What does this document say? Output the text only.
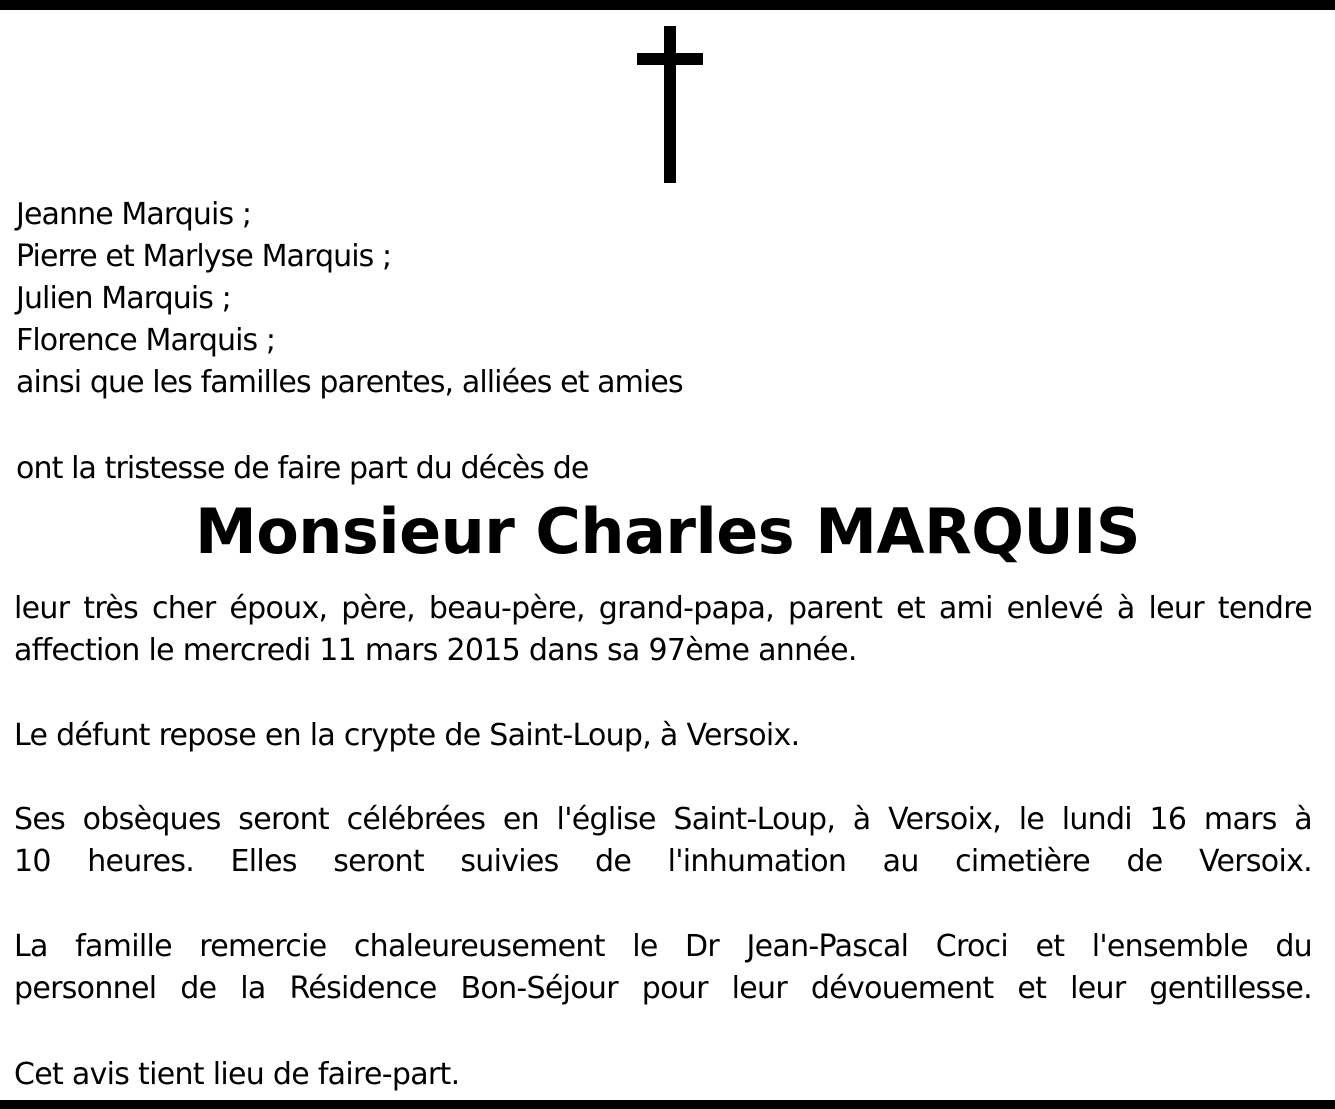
Jeanne Marquis ;
Pierre et Marlyse Marquis ;
Julien Marquis ;
Florence Marquis ;
ainsi que les familles parentes, alliées et amies
ont la tristesse de faire part du décès de
Monsieur Charles MARQUIS
leur très cher époux, père, beau-père, grand-papa, parent et ami enlevé à leur tendre
affection le mercredi 11 mars 2015 dans sa 97ème année.
Le défunt repose en la crypte de Saint-Loup, à Versoix.
Ses obsèques seront célébrées en l'église Saint-Loup, à Versoix, le lundi 16 mars à
10 heures. Elles seront suivies de l'inhumation au cimetière de Versoix.
La famille remercie chaleureusement le Dr Jean-Pascal Croci et l'ensemble du
personnel de la Résidence Bon-Séjour pour leur dévouement et leur gentillesse.
Cet avis tient lieu de faire-part.
